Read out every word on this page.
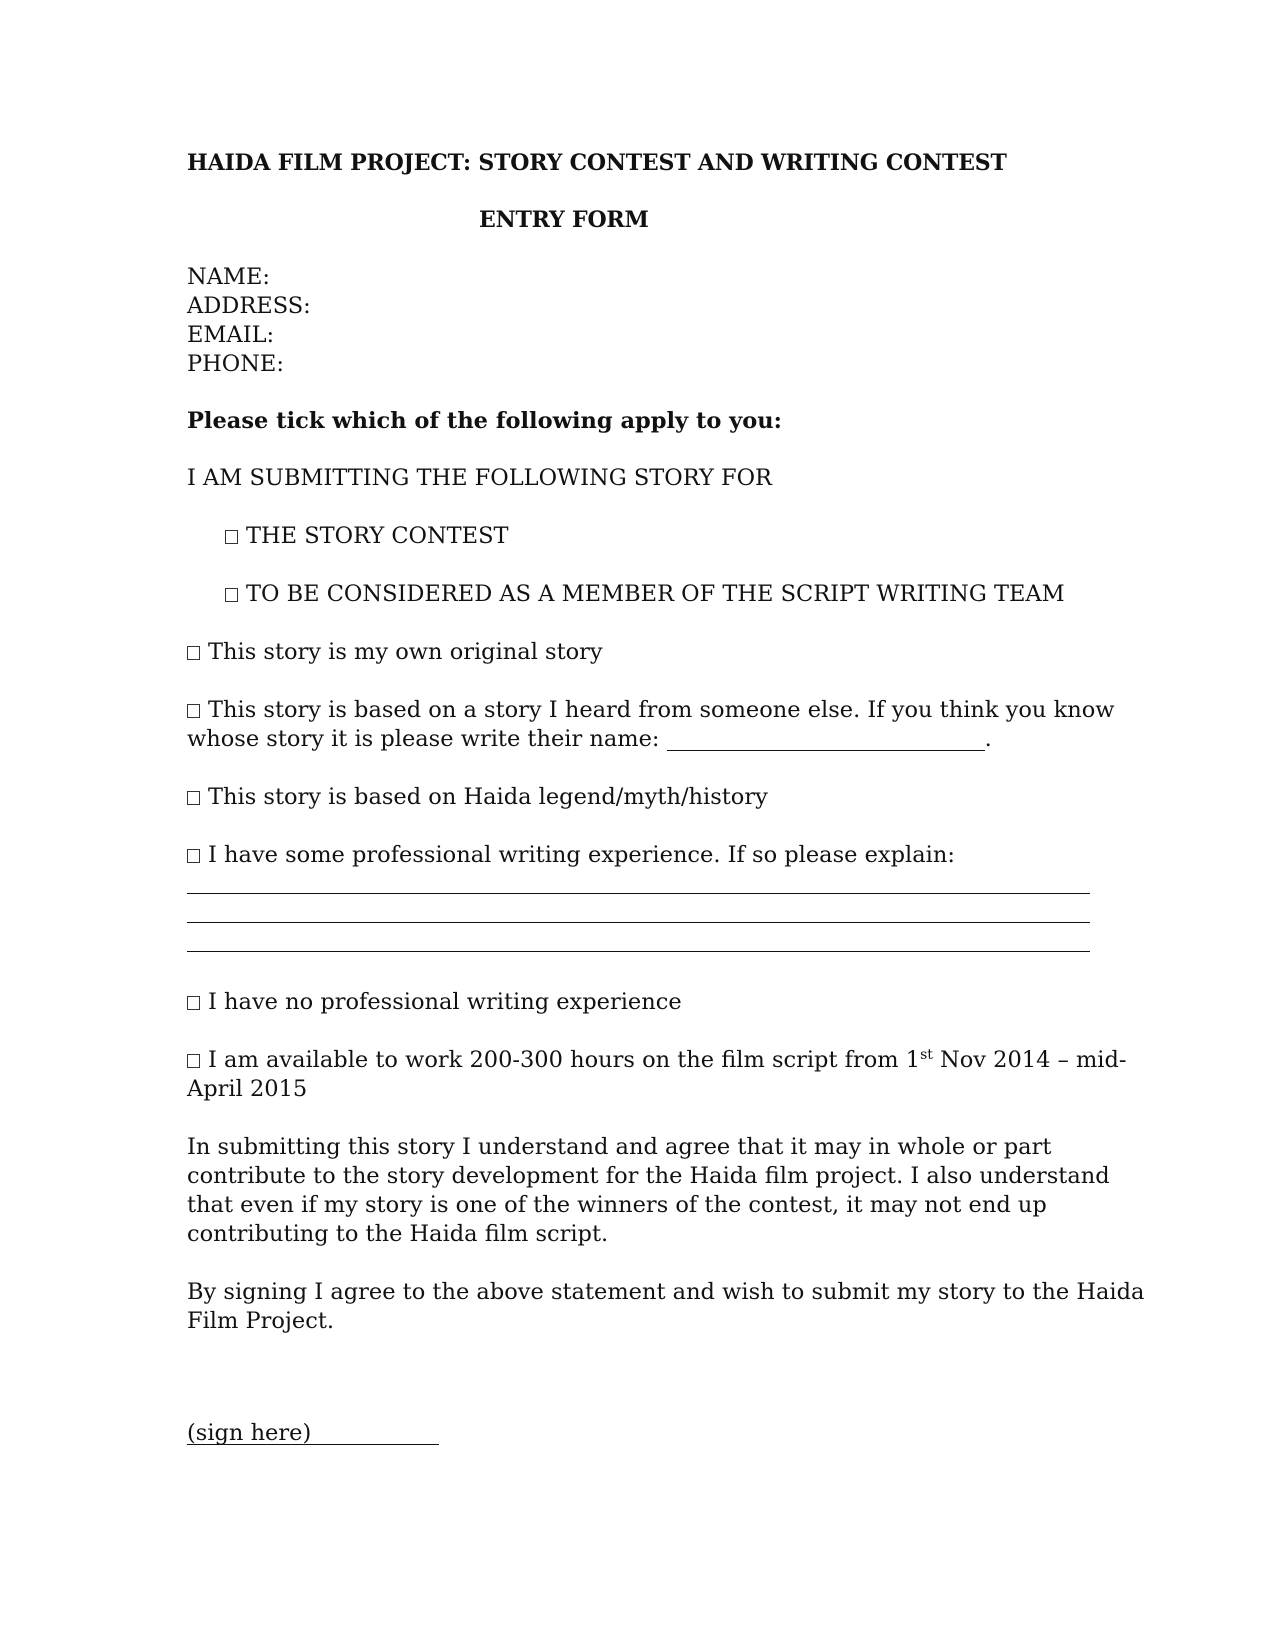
HAIDA FILM PROJECT: STORY CONTEST AND WRITING CONTEST
ENTRY FORM
NAME:
ADDRESS:
EMAIL:
PHONE:
Please tick which of the following apply to you:
I AM SUBMITTING THE FOLLOWING STORY FOR
THE STORY CONTEST
TO BE CONSIDERED AS A MEMBER OF THE SCRIPT WRITING TEAM
This story is my own original story
This story is based on a story I heard from someone else. If you think you know
whose story it is please write their name:	.
This story is based on Haida legend/myth/history
I have some professional writing experience. If so please explain:
I have no professional writing experience
I am available to work 200-300 hours on the film script from 1st Nov 2014 – mid-
April 2015
In submitting this story I understand and agree that it may in whole or part
contribute to the story development for the Haida film project. I also understand
that even if my story is one of the winners of the contest, it may not end up
contributing to the Haida film script.
By signing I agree to the above statement and wish to submit my story to the Haida
Film Project.
(sign here)
